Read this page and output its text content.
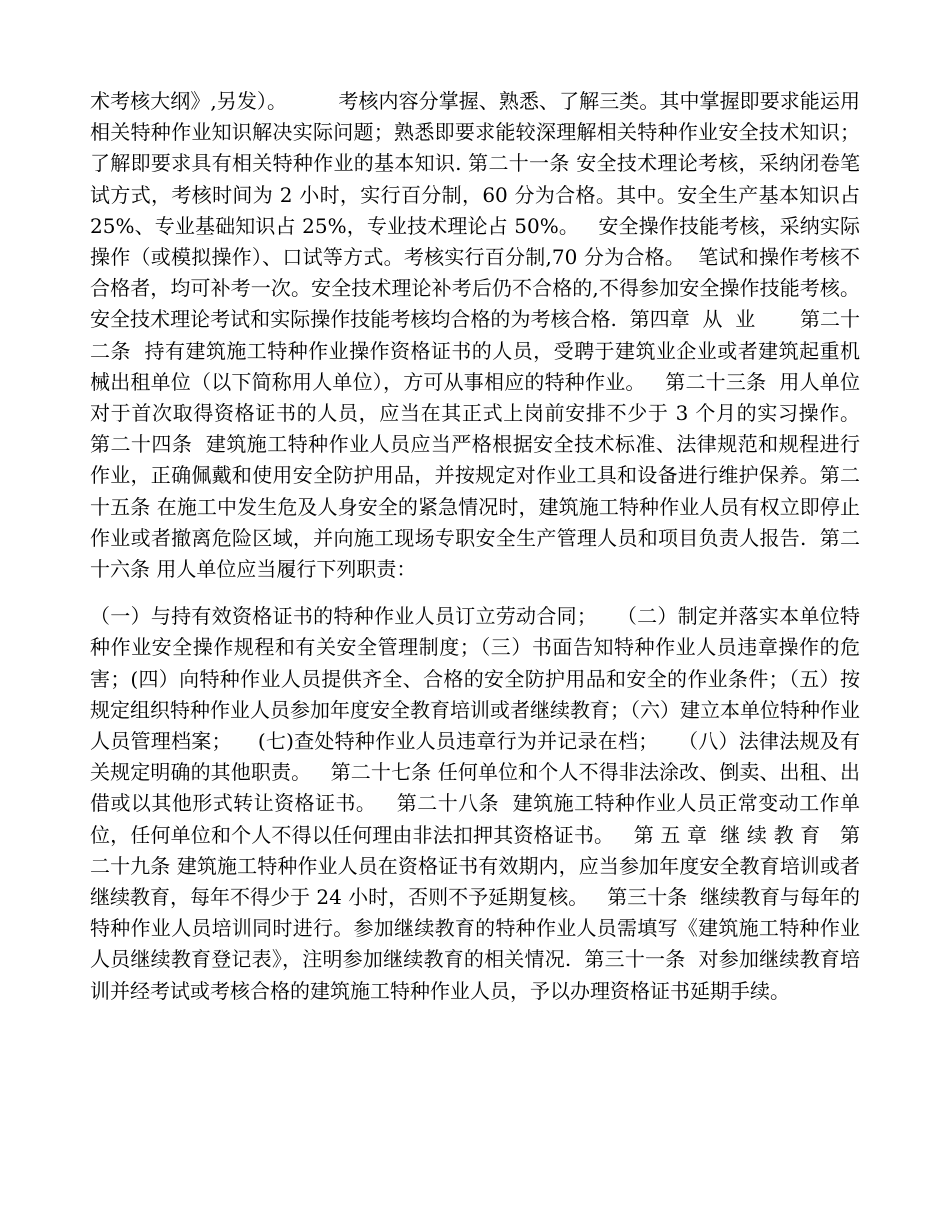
术考核大纲》,另发）。        考核内容分掌握、熟悉、了解三类。其中掌握即要求能运用相关特种作业知识解决实际问题；熟悉即要求能较深理解相关特种作业安全技术知识；了解即要求具有相关特种作业的基本知识. 第二十一条 安全技术理论考核，采纳闭卷笔试方式，考核时间为 2 小时，实行百分制，60 分为合格。其中。安全生产基本知识占 25%、专业基础知识占 25%，专业技术理论占 50%。   安全操作技能考核，采纳实际操作（或模拟操作）、口试等方式。考核实行百分制,70 分为合格。  笔试和操作考核不合格者，均可补考一次。安全技术理论补考后仍不合格的,不得参加安全操作技能考核。安全技术理论考试和实际操作技能考核均合格的为考核合格.  第四章  从  业       第二十二条  持有建筑施工特种作业操作资格证书的人员，受聘于建筑业企业或者建筑起重机械出租单位（以下简称用人单位），方可从事相应的特种作业。   第二十三条  用人单位对于首次取得资格证书的人员，应当在其正式上岗前安排不少于 3 个月的实习操作。   第二十四条  建筑施工特种作业人员应当严格根据安全技术标准、法律规范和规程进行作业，正确佩戴和使用安全防护用品，并按规定对作业工具和设备进行维护保养。第二十五条 在施工中发生危及人身安全的紧急情况时，建筑施工特种作业人员有权立即停止作业或者撤离危险区域，并向施工现场专职安全生产管理人员和项目负责人报告.  第二十六条 用人单位应当履行下列职责：

（一）与持有效资格证书的特种作业人员订立劳动合同；   （二）制定并落实本单位特种作业安全操作规程和有关安全管理制度；（三）书面告知特种作业人员违章操作的危害；(四）向特种作业人员提供齐全、合格的安全防护用品和安全的作业条件；（五）按规定组织特种作业人员参加年度安全教育培训或者继续教育；（六）建立本单位特种作业人员管理档案；    (七)查处特种作业人员违章行为并记录在档；   （八）法律法规及有关规定明确的其他职责。   第二十七条 任何单位和个人不得非法涂改、倒卖、出租、出借或以其他形式转让资格证书。   第二十八条  建筑施工特种作业人员正常变动工作单位，任何单位和个人不得以任何理由非法扣押其资格证书。   第 五 章  继 续 教 育   第二十九条 建筑施工特种作业人员在资格证书有效期内，应当参加年度安全教育培训或者继续教育，每年不得少于 24 小时，否则不予延期复核。   第三十条  继续教育与每年的特种作业人员培训同时进行。参加继续教育的特种作业人员需填写《建筑施工特种作业人员继续教育登记表》，注明参加继续教育的相关情况.  第三十一条  对参加继续教育培训并经考试或考核合格的建筑施工特种作业人员，予以办理资格证书延期手续。
